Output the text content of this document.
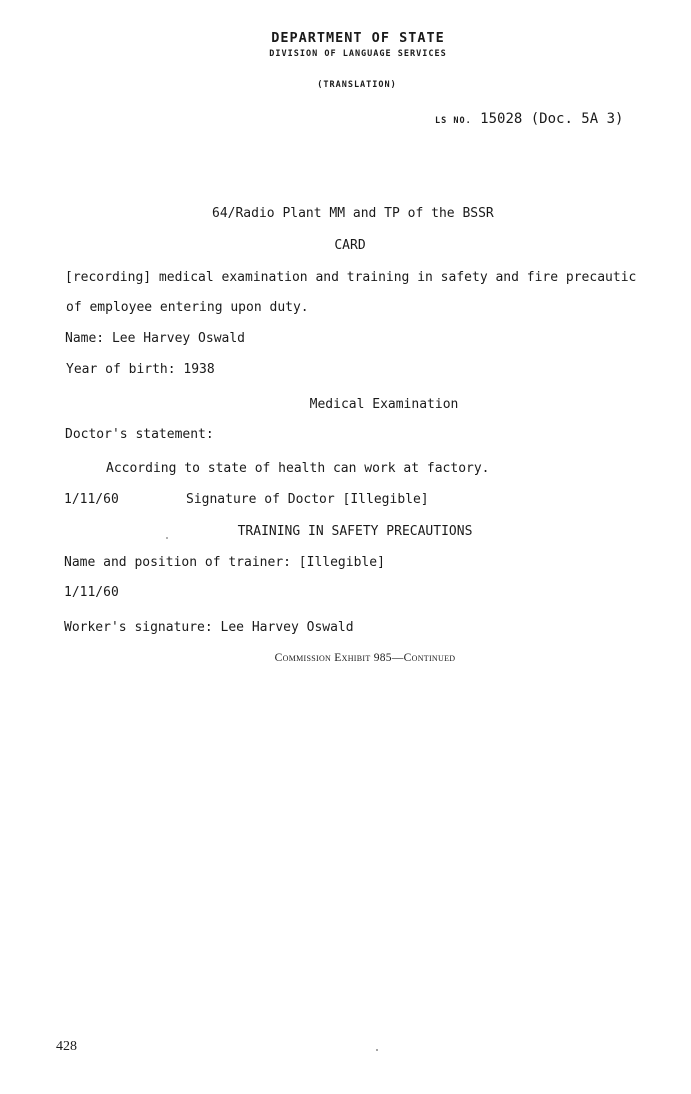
DEPARTMENT OF STATE
DIVISION OF LANGUAGE SERVICES
(TRANSLATION)
LS NO. 15028 (Doc. 5A 3)
64/Radio Plant MM and TP of the BSSR
CARD
[recording] medical examination and training in safety and fire precautic
of employee entering upon duty.
Name: Lee Harvey Oswald
Year of birth: 1938
Medical Examination
Doctor's statement:
According to state of health can work at factory.
1/11/60	Signature of Doctor [Illegible]
TRAINING IN SAFETY PRECAUTIONS
Name and position of trainer: [Illegible]
1/11/60
Worker's signature: Lee Harvey Oswald
Commission Exhibit 985—Continued
428
